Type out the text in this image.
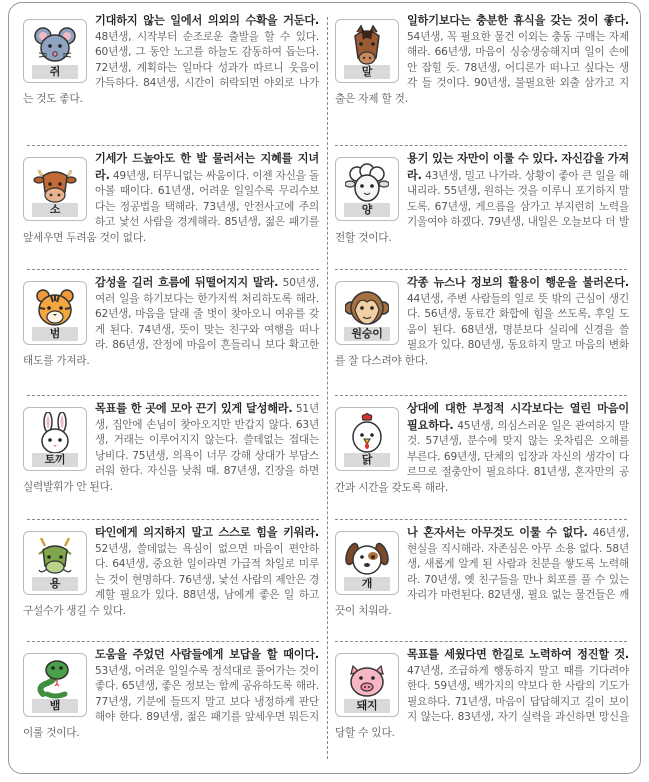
쥐
기대하지 않는 일에서 의외의 수확을 거둔다. 48년생, 시작부터 순조로운 출발을 할 수 있다. 60년생, 그 동안 노고를 하늘도 감동하여 돕는다. 72년생, 계획하는 일마다 성과가 따르니 웃음이 가득하다. 84년생, 시간이 허락되면 야외로 나가는 것도 좋다.
말
일하기보다는 충분한 휴식을 갖는 것이 좋다. 54년생, 꼭 필요한 물건 이외는 충동 구매는 자제해라. 66년생, 마음이 싱숭생숭해지며 일이 손에 안 잡힐 듯. 78년생, 어디론가 떠나고 싶다는 생각 들 것이다. 90년생, 불필요한 외출 삼가고 지출은 자제 할 것.
소
기세가 드높아도 한 발 물러서는 지혜를 지녀라. 49년생, 터무니없는 싸움이다. 이젠 자신을 돌아볼 때이다. 61년생, 어려운 일일수록 무리수보다는 정공법을 택해라. 73년생, 안전사고에 주의하고 낯선 사람을 경계해라. 85년생, 젊은 패기를 앞세우면 두려움 것이 없다.
양
용기 있는 자만이 이룰 수 있다. 자신감을 가져라. 43년생, 밀고 나가라. 상황이 좋아 큰 일을 해내리라. 55년생, 원하는 것을 이루니 포기하지 말도록. 67년생, 게으름을 삼가고 부지런히 노력을 기울여야 하겠다. 79년생, 내일은 오늘보다 더 발전할 것이다.
범
감성을 길러 흐름에 뒤떨어지지 말라. 50년생, 여러 일을 하기보다는 한가지씩 처리하도록 해라. 62년생, 마음을 달래 줄 벗이 찾아오니 여유를 갖게 된다. 74년생, 뜻이 맞는 친구와 여행을 떠나라. 86년생, 잔정에 마음이 흔들리니 보다 확고한 태도를 가져라.
원숭이
각종 뉴스나 정보의 활용이 행운을 불러온다. 44년생, 주변 사람들의 일로 뜻 밖의 근심이 생긴다. 56년생, 동료간 화합에 힘을 쓰도록, 후일 도움이 된다. 68년생, 명분보다 실리에 신경을 쓸 필요가 있다. 80년생, 동요하지 말고 마음의 변화를 잘 다스려야 한다.
토끼
목표를 한 곳에 모아 끈기 있게 달성해라. 51년생, 집안에 손님이 찾아오지만 반갑지 않다. 63년생, 거래는 이루어지지 않는다. 쓸데없는 접대는 낭비다. 75년생, 의욕이 너무 강해 상대가 부담스러워 한다. 자신을 낮춰 때. 87년생, 긴장을 하면 실력발휘가 안 된다.
닭
상대에 대한 부정적 시각보다는 열린 마음이 필요하다. 45년생, 의심스러운 일은 관여하지 말 것. 57년생, 분수에 맞지 않는 옷차림은 오해를 부른다. 69년생, 단체의 입장과 자신의 생각이 다르므로 절충안이 필요하다. 81년생, 혼자만의 공간과 시간을 갖도록 해라.
용
타인에게 의지하지 말고 스스로 힘을 키워라. 52년생, 쓸데없는 욕심이 없으면 마음이 편안하다. 64년생, 중요한 일이라면 가급적 차일로 미루는 것이 현명하다. 76년생, 낯선 사람의 제안은 경계할 필요가 있다. 88년생, 남에게 좋은 일 하고 구설수가 생길 수 있다.
개
나 혼자서는 아무것도 이룰 수 없다. 46년생, 현실을 직시해라. 자존심은 아무 소용 없다. 58년생, 새롭게 알게 된 사람과 친분을 쌓도록 노력해라. 70년생, 옛 친구들을 만나 회포를 풀 수 있는 자리가 마련된다. 82년생, 필요 없는 물건들은 깨끗이 치워라.
뱀
도움을 주었던 사람들에게 보답을 할 때이다. 53년생, 어려운 일일수록 정석대로 풀어가는 것이 좋다. 65년생, 좋은 정보는 함께 공유하도록 해라. 77년생, 기분에 들뜨지 말고 보다 냉정하게 판단해야 한다. 89년생, 젊은 패기를 앞세우면 뭐든지 이룰 것이다.
돼지
목표를 세웠다면 한길로 노력하여 정진할 것. 47년생, 조급하게 행동하지 말고 때를 기다려야 한다. 59년생, 백가지의 약보다 한 사람의 기도가 필요하다. 71년생, 마음이 답답해지고 길이 보이지 않는다. 83년생, 자기 실력을 과신하면 망신을 당할 수 있다.
